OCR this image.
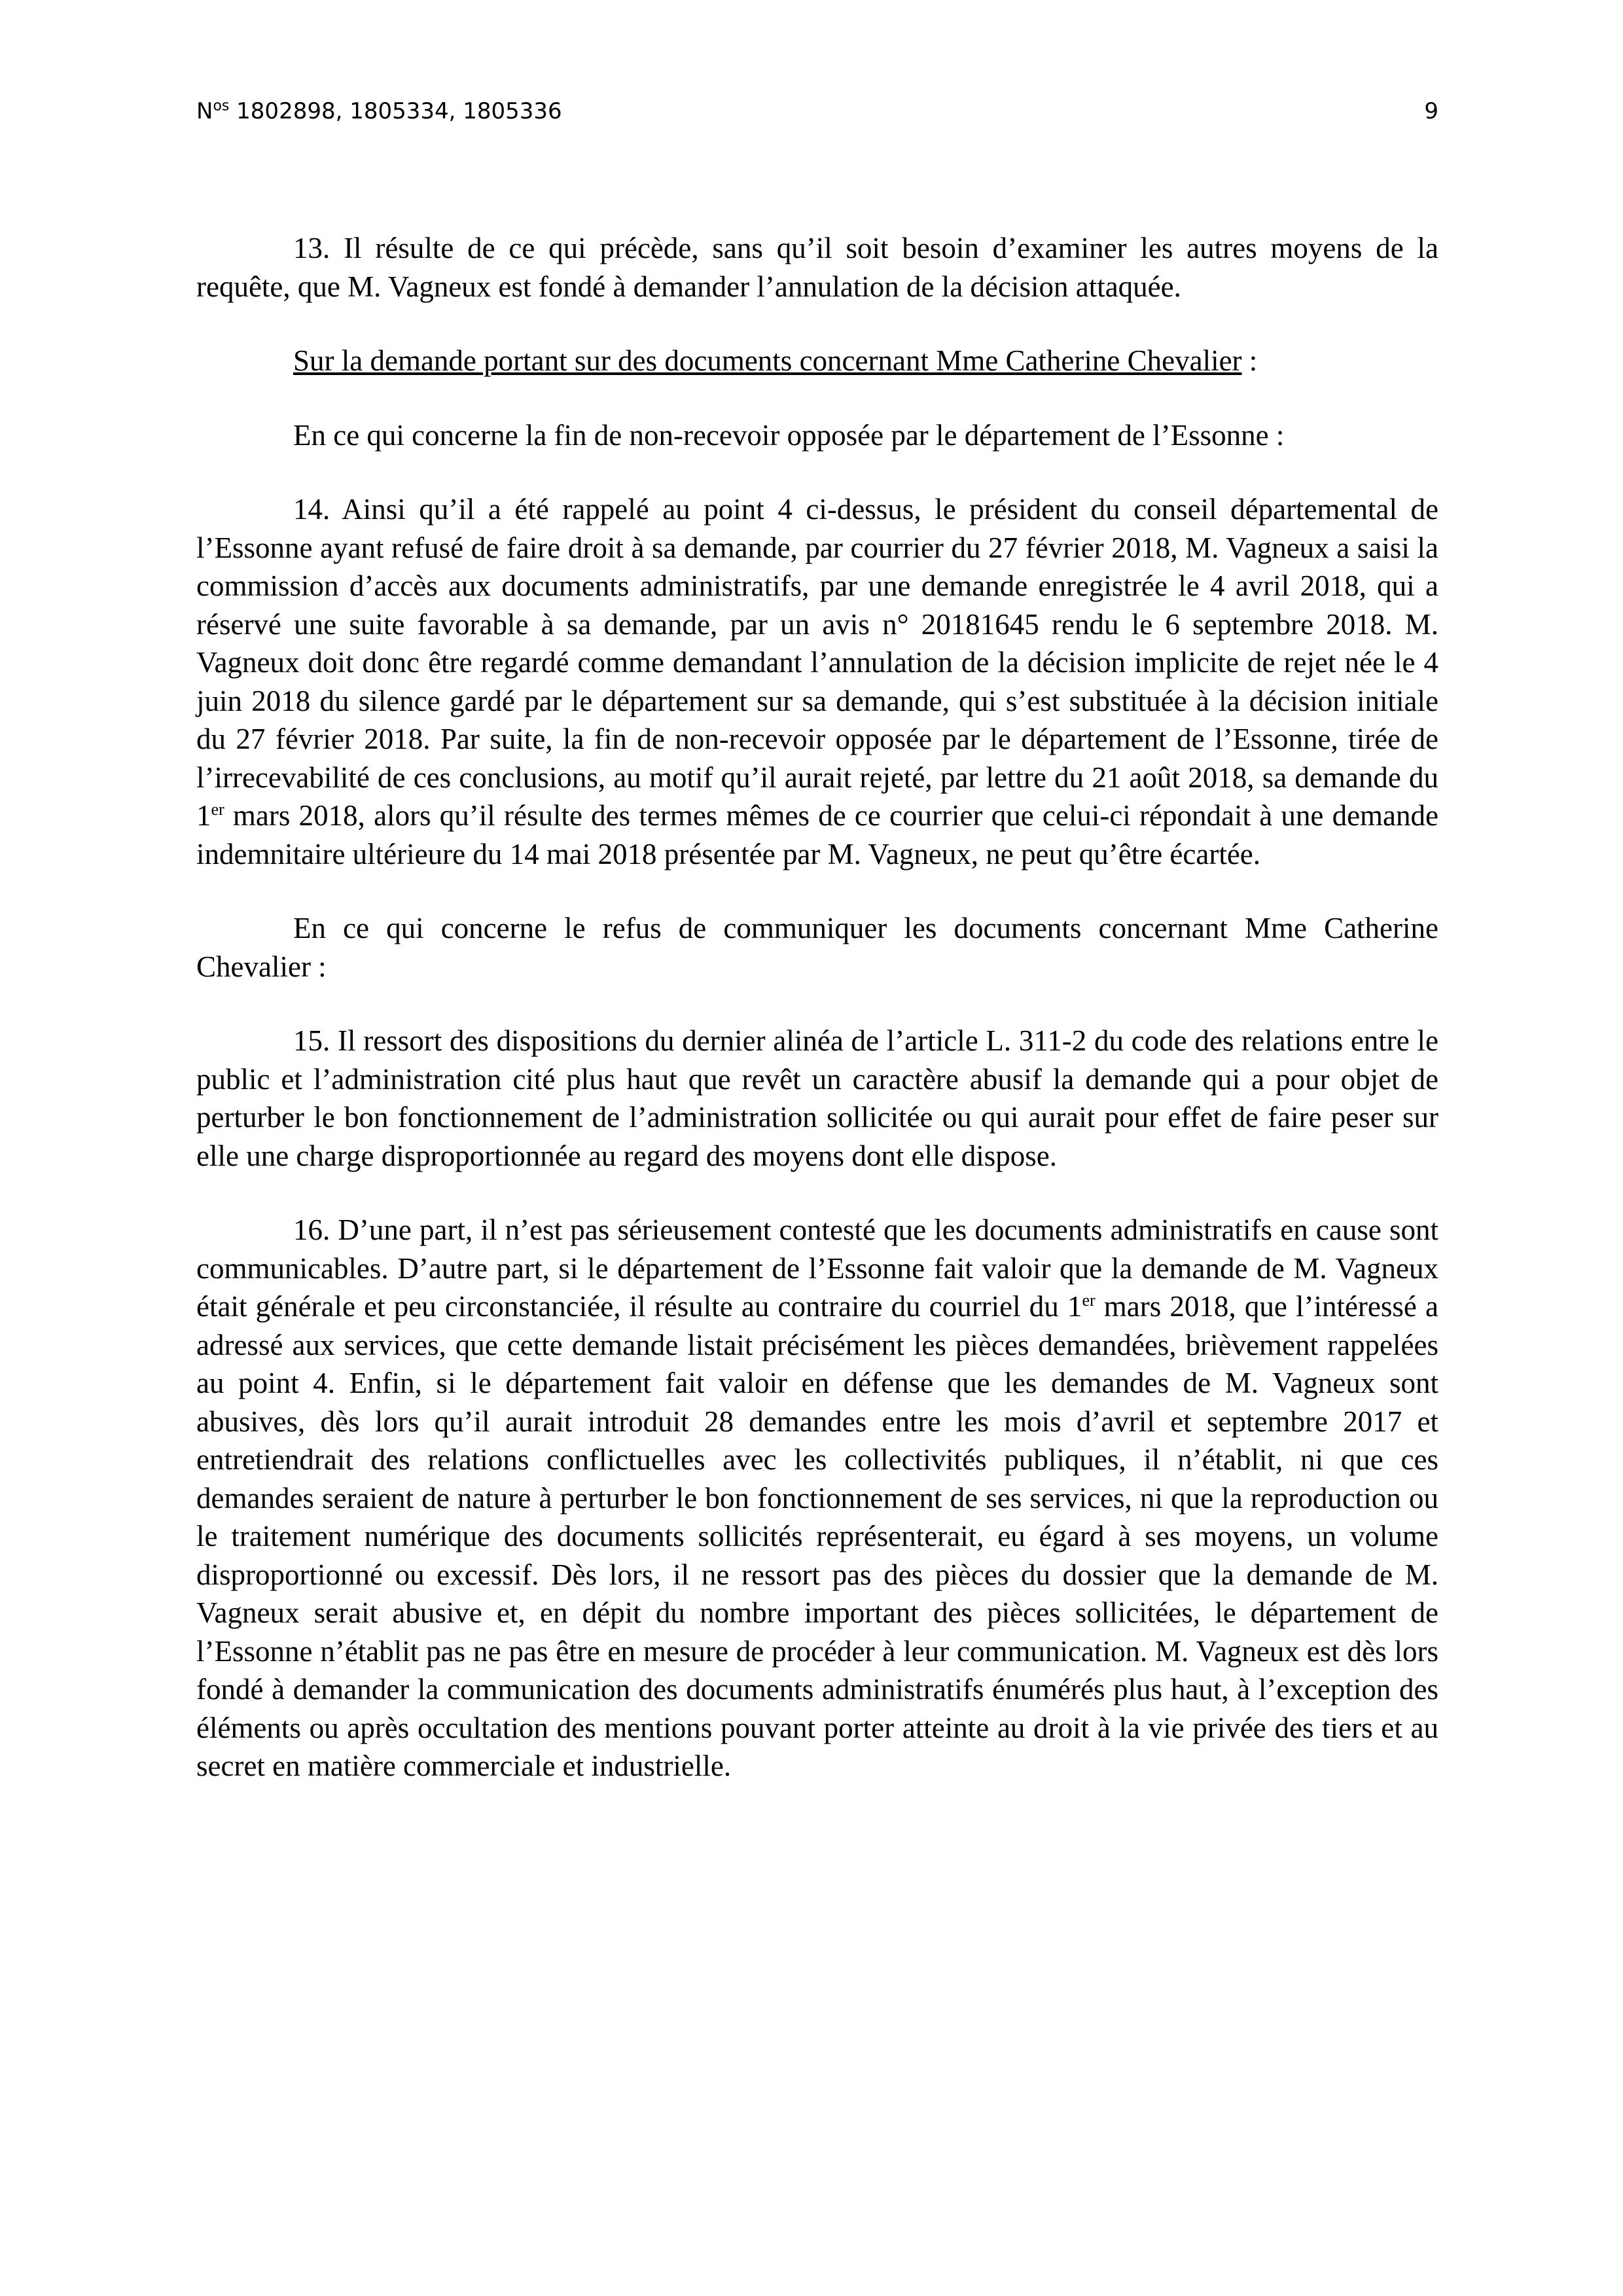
$N^{os}$ 1802898, 1805334, 1805336	9

13. Il résulte de ce qui précède, sans qu’il soit besoin d’examiner les autres moyens de la requête, que M. Vagneux est fondé à demander l’annulation de la décision attaquée.

Sur la demande portant sur des documents concernant Mme Catherine Chevalier :

En ce qui concerne la fin de non-recevoir opposée par le département de l’Essonne :

14. Ainsi qu’il a été rappelé au point 4 ci-dessus, le président du conseil départemental de l’Essonne ayant refusé de faire droit à sa demande, par courrier du 27 février 2018, M. Vagneux a saisi la commission d’accès aux documents administratifs, par une demande enregistrée le 4 avril 2018, qui a réservé une suite favorable à sa demande, par un avis n° 20181645 rendu le 6 septembre 2018. M. Vagneux doit donc être regardé comme demandant l’annulation de la décision implicite de rejet née le 4 juin 2018 du silence gardé par le département sur sa demande, qui s’est substituée à la décision initiale du 27 février 2018. Par suite, la fin de non-recevoir opposée par le département de l’Essonne, tirée de l’irrecevabilité de ces conclusions, au motif qu’il aurait rejeté, par lettre du 21 août 2018, sa demande du 1er mars 2018, alors qu’il résulte des termes mêmes de ce courrier que celui-ci répondait à une demande indemnitaire ultérieure du 14 mai 2018 présentée par M. Vagneux, ne peut qu’être écartée.

En ce qui concerne le refus de communiquer les documents concernant Mme Catherine Chevalier :

15. Il ressort des dispositions du dernier alinéa de l’article L. 311-2 du code des relations entre le public et l’administration cité plus haut que revêt un caractère abusif la demande qui a pour objet de perturber le bon fonctionnement de l’administration sollicitée ou qui aurait pour effet de faire peser sur elle une charge disproportionnée au regard des moyens dont elle dispose.

16. D’une part, il n’est pas sérieusement contesté que les documents administratifs en cause sont communicables. D’autre part, si le département de l’Essonne fait valoir que la demande de M. Vagneux était générale et peu circonstanciée, il résulte au contraire du courriel du 1er mars 2018, que l’intéressé a adressé aux services, que cette demande listait précisément les pièces demandées, brièvement rappelées au point 4. Enfin, si le département fait valoir en défense que les demandes de M. Vagneux sont abusives, dès lors qu’il aurait introduit 28 demandes entre les mois d’avril et septembre 2017 et entretiendrait des relations conflictuelles avec les collectivités publiques, il n’établit, ni que ces demandes seraient de nature à perturber le bon fonctionnement de ses services, ni que la reproduction ou le traitement numérique des documents sollicités représenterait, eu égard à ses moyens, un volume disproportionné ou excessif. Dès lors, il ne ressort pas des pièces du dossier que la demande de M. Vagneux serait abusive et, en dépit du nombre important des pièces sollicitées, le département de l’Essonne n’établit pas ne pas être en mesure de procéder à leur communication. M. Vagneux est dès lors fondé à demander la communication des documents administratifs énumérés plus haut, à l’exception des éléments ou après occultation des mentions pouvant porter atteinte au droit à la vie privée des tiers et au secret en matière commerciale et industrielle.
